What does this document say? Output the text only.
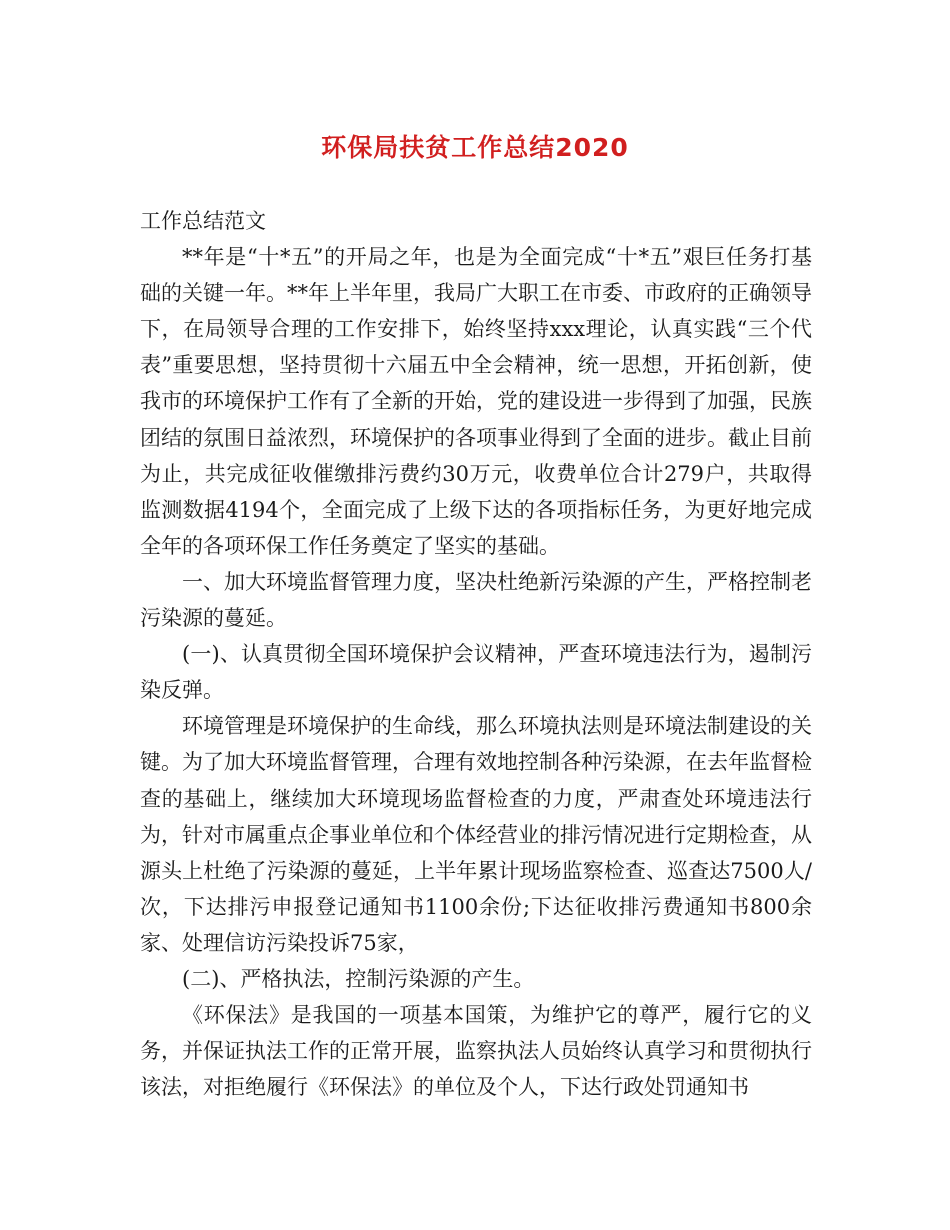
环保局扶贫工作总结2020

工作总结范文

**年是“十*五”的开局之年，也是为全面完成“十*五”艰巨任务打基础的关键一年。**年上半年里，我局广大职工在市委、市政府的正确领导下，在局领导合理的工作安排下，始终坚持xxx理论，认真实践“三个代表”重要思想，坚持贯彻十六届五中全会精神，统一思想，开拓创新，使我市的环境保护工作有了全新的开始，党的建设进一步得到了加强，民族团结的氛围日益浓烈，环境保护的各项事业得到了全面的进步。截止目前为止，共完成征收催缴排污费约30万元，收费单位合计279户，共取得监测数据4194个，全面完成了上级下达的各项指标任务，为更好地完成全年的各项环保工作任务奠定了坚实的基础。

一、加大环境监督管理力度，坚决杜绝新污染源的产生，严格控制老污染源的蔓延。

(一)、认真贯彻全国环境保护会议精神，严查环境违法行为，遏制污染反弹。

环境管理是环境保护的生命线，那么环境执法则是环境法制建设的关键。为了加大环境监督管理，合理有效地控制各种污染源，在去年监督检查的基础上，继续加大环境现场监督检查的力度，严肃查处环境违法行为，针对市属重点企事业单位和个体经营业的排污情况进行定期检查，从源头上杜绝了污染源的蔓延，上半年累计现场监察检查、巡查达7500人/次，下达排污申报登记通知书1100余份;下达征收排污费通知书800余家、处理信访污染投诉75家，

(二)、严格执法，控制污染源的产生。

《环保法》是我国的一项基本国策，为维护它的尊严，履行它的义务，并保证执法工作的正常开展，监察执法人员始终认真学习和贯彻执行该法，对拒绝履行《环保法》的单位及个人，下达行政处罚通知书
